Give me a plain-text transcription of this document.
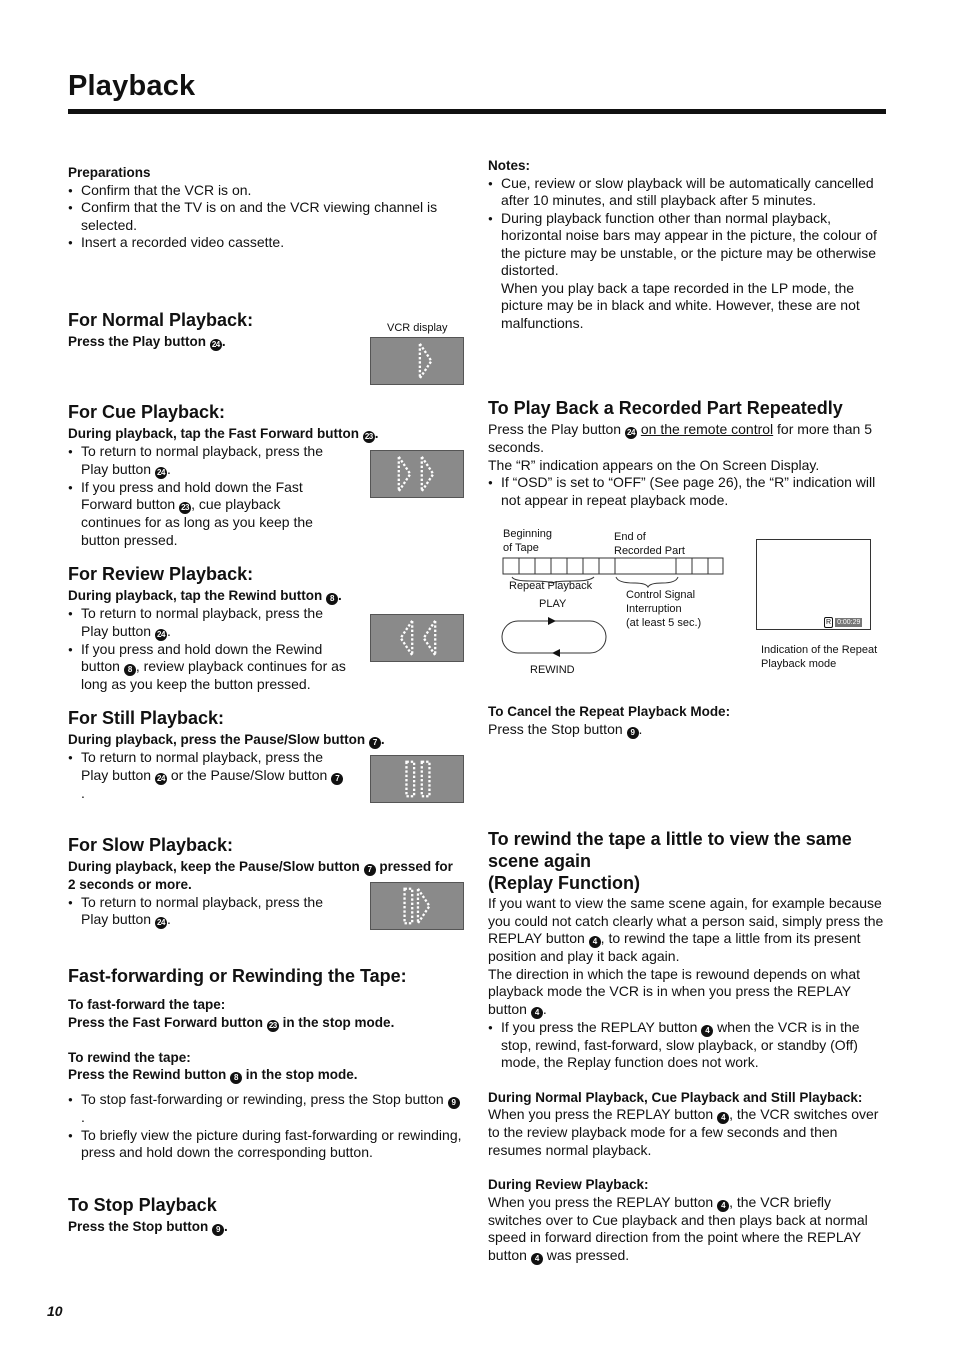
Playback
Preparations
● Confirm that the VCR is on.
● Confirm that the TV is on and the VCR viewing channel is selected.
● Insert a recorded video cassette.
For Normal Playback:
Press the Play button 24 .
VCR display
For Cue Playback:
During playback, tap the Fast Forward button 23 .
● To return to normal playback, press the Play button 24 .
● If you press and hold down the Fast Forward button 23 , cue playback continues for as long as you keep the button pressed.
For Review Playback:
During playback, tap the Rewind button 8 .
● To return to normal playback, press the Play button 24 .
● If you press and hold down the Rewind button 8 , review playback continues for as long as you keep the button pressed.
For Still Playback:
During playback, press the Pause/Slow button 7 .
● To return to normal playback, press the Play button 24 or the Pause/Slow button 7.
For Slow Playback:
During playback, keep the Pause/Slow button 7 pressed for 2 seconds or more.
● To return to normal playback, press the Play button 24 .
Fast-forwarding or Rewinding the Tape:
To fast-forward the tape:
Press the Fast Forward button 23 in the stop mode.
To rewind the tape:
Press the Rewind button 8 in the stop mode.
● To stop fast-forwarding or rewinding, press the Stop button 9.
● To briefly view the picture during fast-forwarding or rewinding, press and hold down the corresponding button.
To Stop Playback
Press the Stop button 9 .
10
Notes:
● Cue, review or slow playback will be automatically cancelled after 10 minutes, and still playback after 5 minutes.
● During playback function other than normal playback, horizontal noise bars may appear in the picture, the colour of the picture may be unstable, or the picture may be otherwise distorted.
When you play back a tape recorded in the LP mode, the picture may be in black and white. However, these are not malfunctions.
To Play Back a Recorded Part Repeatedly
Press the Play button 24 on the remote control for more than 5 seconds.
The “R” indication appears on the On Screen Display.
● If “OSD” is set to “OFF” (See page 26), the “R” indication will not appear in repeat playback mode.
Beginning
of Tape
End of
Recorded Part
Repeat Playback
PLAY
REWIND
Control Signal
Interruption
(at least 5 sec.)	R 0:00:29
Indication of the Repeat
Playback mode
To Cancel the Repeat Playback Mode:
Press the Stop button 9 .
To rewind the tape a little to view the same
scene again
(Replay Function)
If you want to view the same scene again, for example because you could not catch clearly what a person said, simply press the REPLAY button 4 , to rewind the tape a little from its present position and play it back again.
The direction in which the tape is rewound depends on what playback mode the VCR is in when you press the REPLAY button 4 .
● If you press the REPLAY button 4 when the VCR is in the stop, rewind, fast-forward, slow playback, or standby (Off) mode, the Replay function does not work.
During Normal Playback, Cue Playback and Still Playback:
When you press the REPLAY button 4 , the VCR switches over to the review playback mode for a few seconds and then resumes normal playback.
During Review Playback:
When you press the REPLAY button 4 , the VCR briefly switches over to Cue playback and then plays back at normal speed in forward direction from the point where the REPLAY button 4 was pressed.
